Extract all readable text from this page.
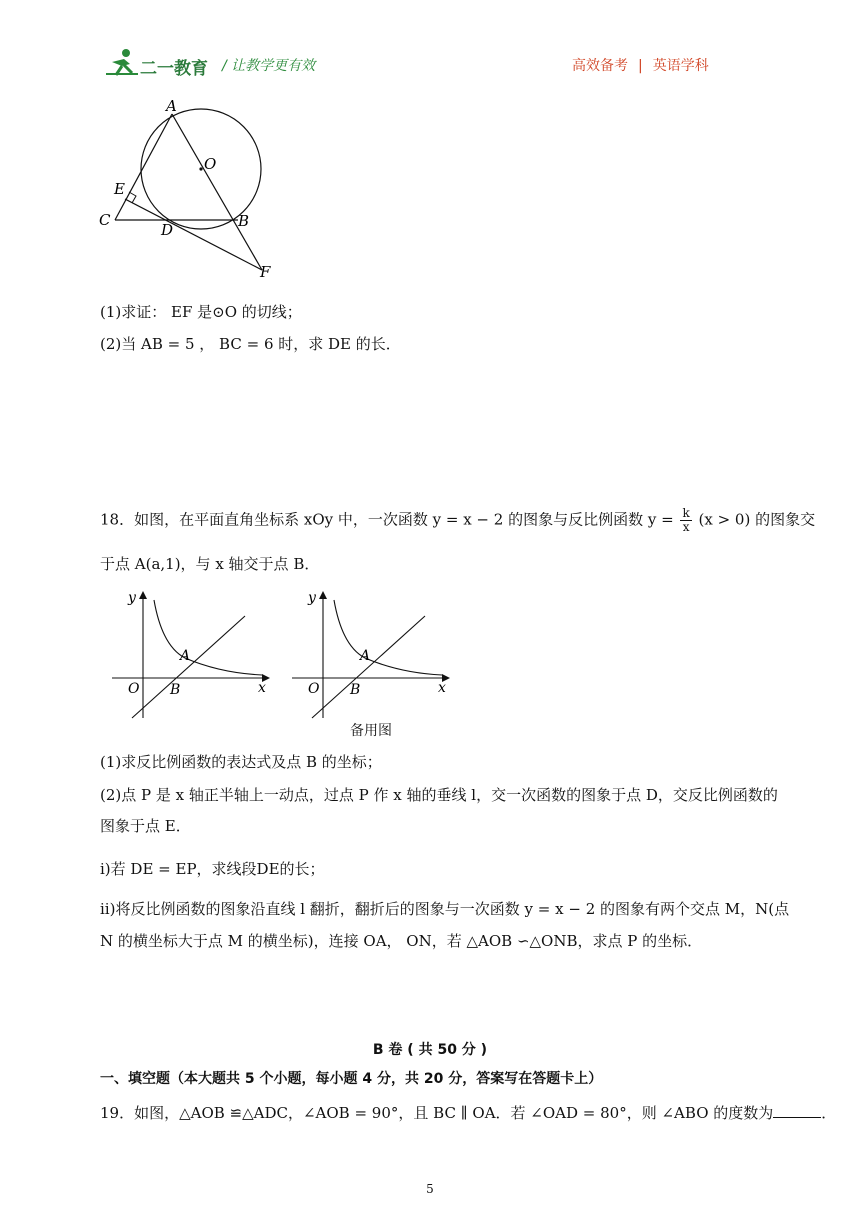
二一教育 / 让教学更有效	高效备考 | 英语学科
A
O
E
C
D	B
F
(1)求证： EF 是⊙O 的切线；
(2)当 AB = 5 ， BC = 6 时，求 DE 的长．
18．如图，在平面直角坐标系 xOy 中，一次函数 y = x − 2 的图象与反比例函数 $y = \frac{k}{x} (x > 0)$ 的图象交
于点 A(a,1)，与 x 轴交于点 B．
y
x
O B
A
y
x
O B
A
备用图
(1)求反比例函数的表达式及点 B 的坐标；
(2)点 P 是 x 轴正半轴上一动点，过点 P 作 x 轴的垂线 l，交一次函数的图象于点 D，交反比例函数的
图象于点 E．
ⅰ)若 DE = EP，求线段DE的长；
ⅱ)将反比例函数的图象沿直线 l 翻折，翻折后的图象与一次函数 y = x − 2 的图象有两个交点 M，N(点
N 的横坐标大于点 M 的横坐标)，连接 OA， ON，若 △AOB ∽△ONB，求点 P 的坐标．
B 卷 ( 共 50 分 )
一、填空题（本大题共 5 个小题，每小题 4 分，共 20 分，答案写在答题卡上）
19．如图，△AOB ≌△ADC，∠AOB = 90°，且 BC ∥ OA．若 ∠OAD = 80°，则 ∠ABO 的度数为	．
5
